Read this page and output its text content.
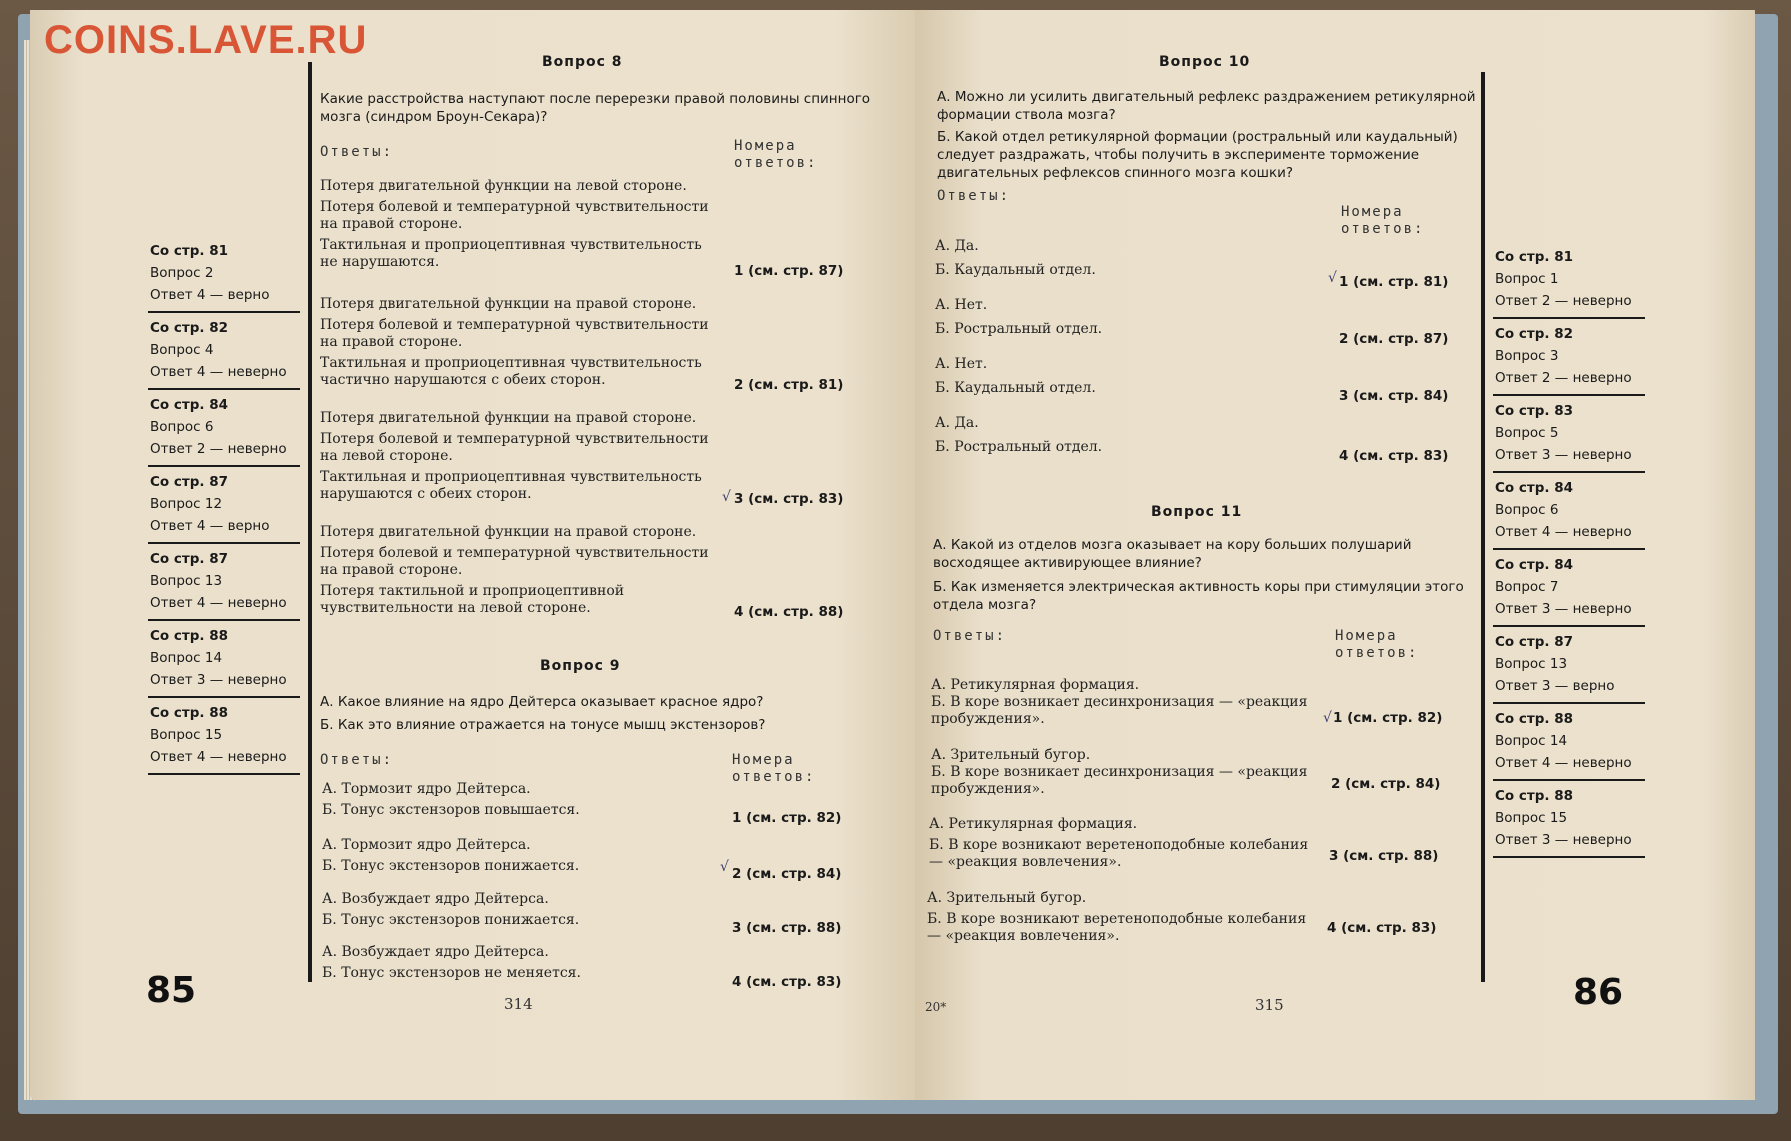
Со стр. 81
Вопрос 2
Ответ 4 — верно
Со стр. 82
Вопрос 4
Ответ 4 — неверно
Со стр. 84
Вопрос 6
Ответ 2 — неверно
Со стр. 87
Вопрос 12
Ответ 4 — верно
Со стр. 87
Вопрос 13
Ответ 4 — неверно
Со стр. 88
Вопрос 14
Ответ 3 — неверно
Со стр. 88
Вопрос 15
Ответ 4 — неверно
85	314
Вопрос 8
Какие расстройства наступают после перерезки правой половины спинного мозга (синдром Броун-Секара)?
Ответы:	Номера
ответов:
Потеря двигательной функции на левой стороне.
Потеря болевой и температурной чувствительности на правой стороне.
Тактильная и проприоцептивная чувствительность не нарушаются.
1 (см. стр. 87)
Потеря двигательной функции на правой стороне.
Потеря болевой и температурной чувствительности на правой стороне.
Тактильная и проприоцептивная чувствительность частично нарушаются с обеих сторон.	2 (см. стр. 81)
Потеря двигательной функции на правой стороне.
Потеря болевой и температурной чувствительности на левой стороне.
Тактильная и проприоцептивная чувствительность нарушаются с обеих сторон.	√ 3 (см. стр. 83)
Потеря двигательной функции на правой стороне.
Потеря болевой и температурной чувствительности на правой стороне.
Потеря тактильной и проприоцептивной чувствительности на левой стороне.	4 (см. стр. 88)
Вопрос 9
А. Какое влияние на ядро Дейтерса оказывает красное ядро?
Б. Как это влияние отражается на тонусе мышц экстензоров?
Ответы:	Номера
ответов:
А. Тормозит ядро Дейтерса.
Б. Тонус экстензоров повышается.	1 (см. стр. 82)
А. Тормозит ядро Дейтерса.
Б. Тонус экстензоров понижается.	√ 2 (см. стр. 84)
А. Возбуждает ядро Дейтерса.
Б. Тонус экстензоров понижается.	3 (см. стр. 88)
А. Возбуждает ядро Дейтерса.
Б. Тонус экстензоров не меняется.
4 (см. стр. 83)
Со стр. 81
Вопрос 1
Ответ 2 — неверно
Со стр. 82
Вопрос 3
Ответ 2 — неверно
Со стр. 83
Вопрос 5
Ответ 3 — неверно
Со стр. 84
Вопрос 6
Ответ 4 — неверно
Со стр. 84
Вопрос 7
Ответ 3 — неверно
Со стр. 87
Вопрос 13
Ответ 3 — верно
Со стр. 88
Вопрос 14
Ответ 4 — неверно
Со стр. 88
Вопрос 15
Ответ 3 — неверно
86
315
20*
Вопрос 10
А. Можно ли усилить двигательный рефлекс раздражением ретикулярной формации ствола мозга?
Б. Какой отдел ретикулярной формации (ростральный или каудальный) следует раздражать, чтобы получить в эксперименте торможение двигательных рефлексов спинного мозга кошки?
Ответы:
Номера
ответов:
А. Да.
Б. Каудальный отдел.	√ 1 (см. стр. 81)
А. Нет.
Б. Ростральный отдел.
2 (см. стр. 87)
А. Нет.
Б. Каудальный отдел.	3 (см. стр. 84)
А. Да.
Б. Ростральный отдел.
4 (см. стр. 83)
Вопрос 11
А. Какой из отделов мозга оказывает на кору больших полушарий восходящее активирующее влияние?
Б. Как изменяется электрическая активность коры при стимуляции этого отдела мозга?
Ответы:	Номера
ответов:
А. Ретикулярная формация.
Б. В коре возникает десинхронизация — «реакция пробуждения».	√ 1 (см. стр. 82)
А. Зрительный бугор.
Б. В коре возникает десинхронизация — «реакция пробуждения».	2 (см. стр. 84)
А. Ретикулярная формация.
Б. В коре возникают веретеноподобные колебания — «реакция вовлечения».	3 (см. стр. 88)
А. Зрительный бугор.
Б. В коре возникают веретеноподобные колебания — «реакция вовлечения».	4 (см. стр. 83)
COINS.LAVE.RU
